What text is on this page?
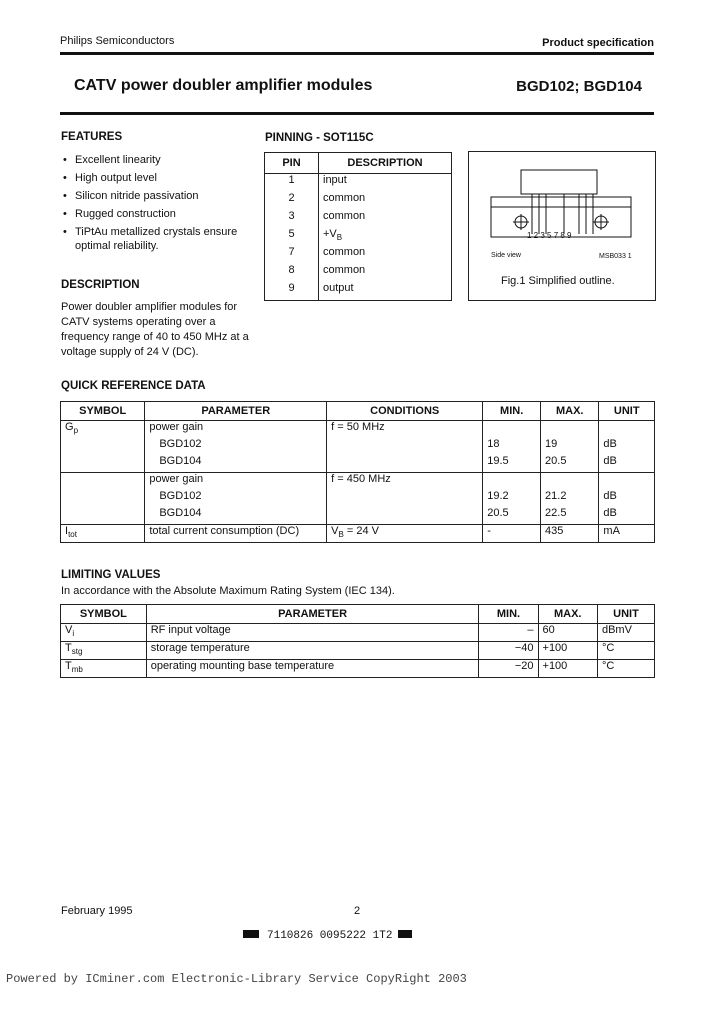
Philips Semiconductors	Product specification
CATV power doubler amplifier modules	BGD102; BGD104
FEATURES
• Excellent linearity
• High output level
• Silicon nitride passivation
• Rugged construction
• TiPtAu metallized crystals ensure optimal reliability.
DESCRIPTION
Power doubler amplifier modules for CATV systems operating over a frequency range of 40 to 450 MHz at a voltage supply of 24 V (DC).
PINNING - SOT115C
PIN	DESCRIPTION
1	input
2	common
3	common
5	$+V_B$
7	common
8	common
9	output
1 2 3 5 7 8 9
Side view	MSB033 1
Fig.1 Simplified outline.
QUICK REFERENCE DATA
SYMBOL	PARAMETER	CONDITIONS	MIN.	MAX.	UNIT
$G_p$	power gain	f = 50 MHz			
	BGD102		18	19	dB
	BGD104		19.5	20.5	dB
	power gain	f = 450 MHz			
	BGD102		19.2	21.2	dB
	BGD104		20.5	22.5	dB
$I_{tot}$	total current consumption (DC)	$V_B = 24$ V	-	435	mA
LIMITING VALUES
In accordance with the Absolute Maximum Rating System (IEC 134).
SYMBOL	PARAMETER	MIN.	MAX.	UNIT
$V_i$	RF input voltage	–	60	dBmV
$T_{stg}$	storage temperature	−40	+100	°C
$T_{mb}$	operating mounting base temperature	−20	+100	°C
February 1995	2
7110826 0095222 1T2
Powered by ICminer.com Electronic-Library Service CopyRight 2003
